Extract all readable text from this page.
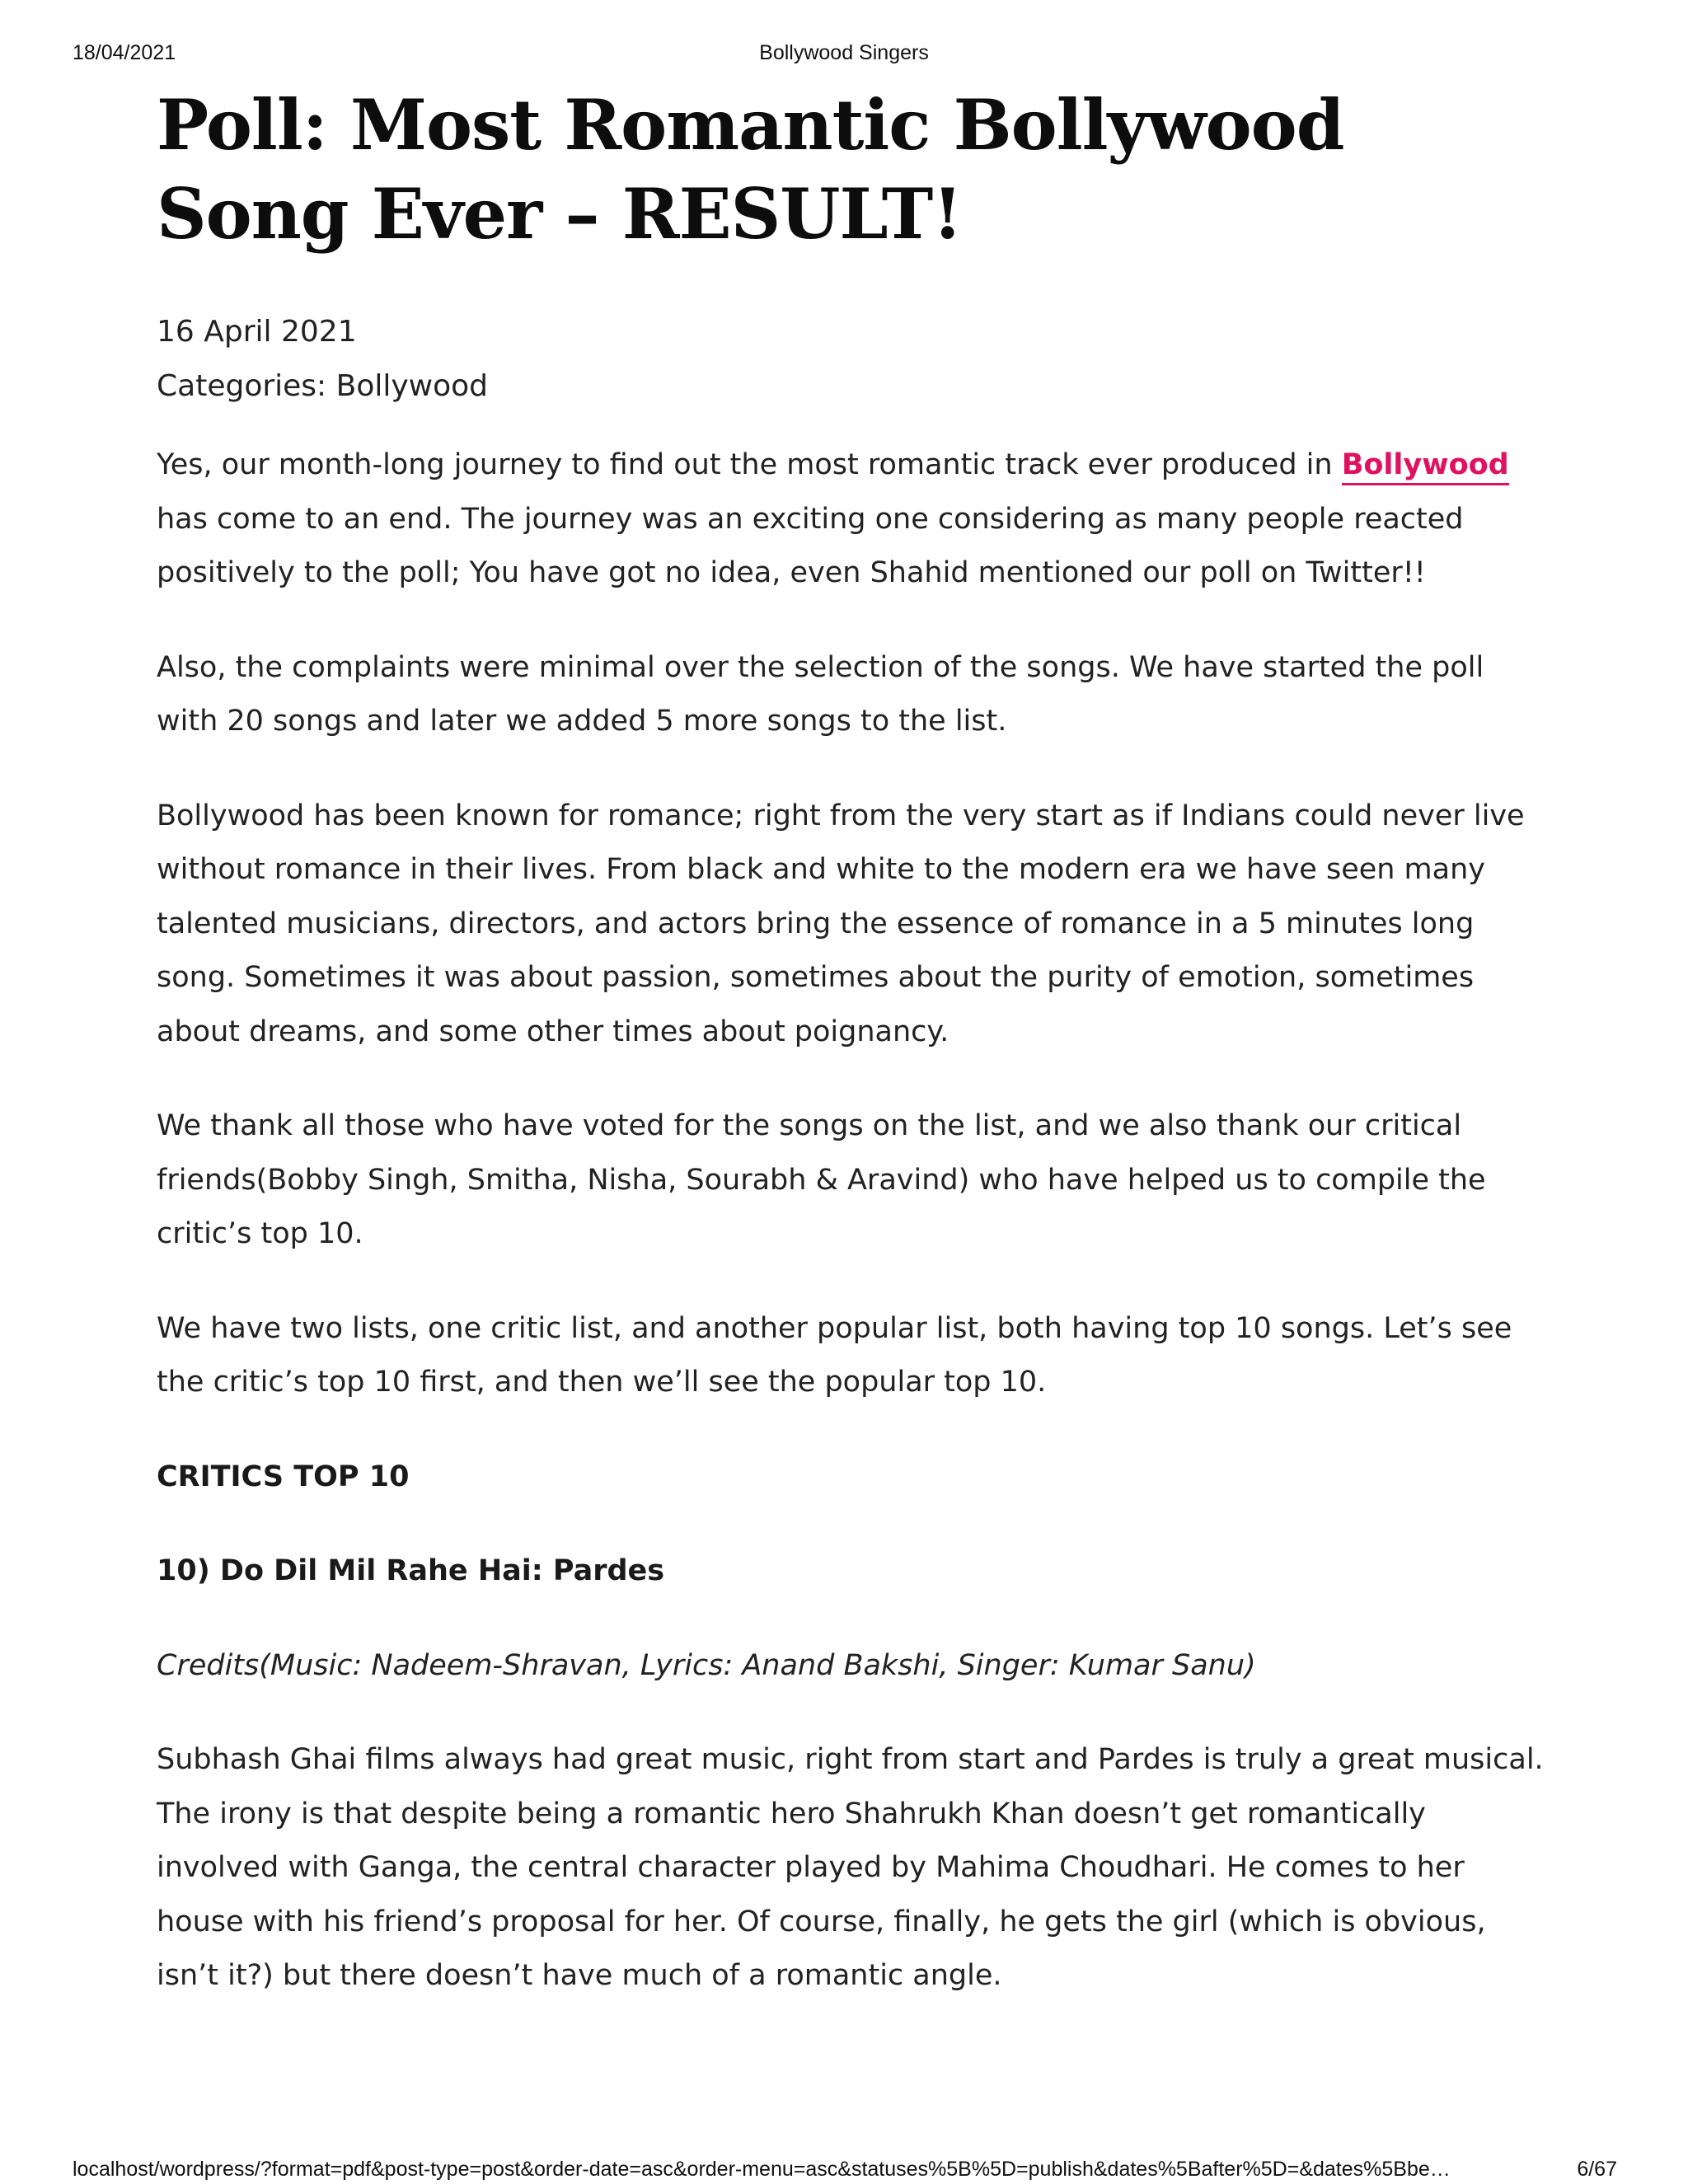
18/04/2021	Bollywood Singers
Poll: Most Romantic Bollywood Song Ever – RESULT!
16 April 2021
Categories: Bollywood

Yes, our month-long journey to find out the most romantic track ever produced in Bollywood has come to an end. The journey was an exciting one considering as many people reacted positively to the poll; You have got no idea, even Shahid mentioned our poll on Twitter!!

Also, the complaints were minimal over the selection of the songs. We have started the poll with 20 songs and later we added 5 more songs to the list.

Bollywood has been known for romance; right from the very start as if Indians could never live without romance in their lives. From black and white to the modern era we have seen many talented musicians, directors, and actors bring the essence of romance in a 5 minutes long song. Sometimes it was about passion, sometimes about the purity of emotion, sometimes about dreams, and some other times about poignancy.

We thank all those who have voted for the songs on the list, and we also thank our critical friends(Bobby Singh, Smitha, Nisha, Sourabh & Aravind) who have helped us to compile the critic’s top 10.

We have two lists, one critic list, and another popular list, both having top 10 songs. Let’s see the critic’s top 10 first, and then we’ll see the popular top 10.

CRITICS TOP 10

10) Do Dil Mil Rahe Hai: Pardes

Credits(Music: Nadeem-Shravan, Lyrics: Anand Bakshi, Singer: Kumar Sanu)

Subhash Ghai films always had great music, right from start and Pardes is truly a great musical. The irony is that despite being a romantic hero Shahrukh Khan doesn’t get romantically involved with Ganga, the central character played by Mahima Choudhari. He comes to her house with his friend’s proposal for her. Of course, finally, he gets the girl (which is obvious, isn’t it?) but there doesn’t have much of a romantic angle.

localhost/wordpress/?format=pdf&post-type=post&order-date=asc&order-menu=asc&statuses%5B%5D=publish&dates%5Bafter%5D=&dates%5Bbe…	6/67
